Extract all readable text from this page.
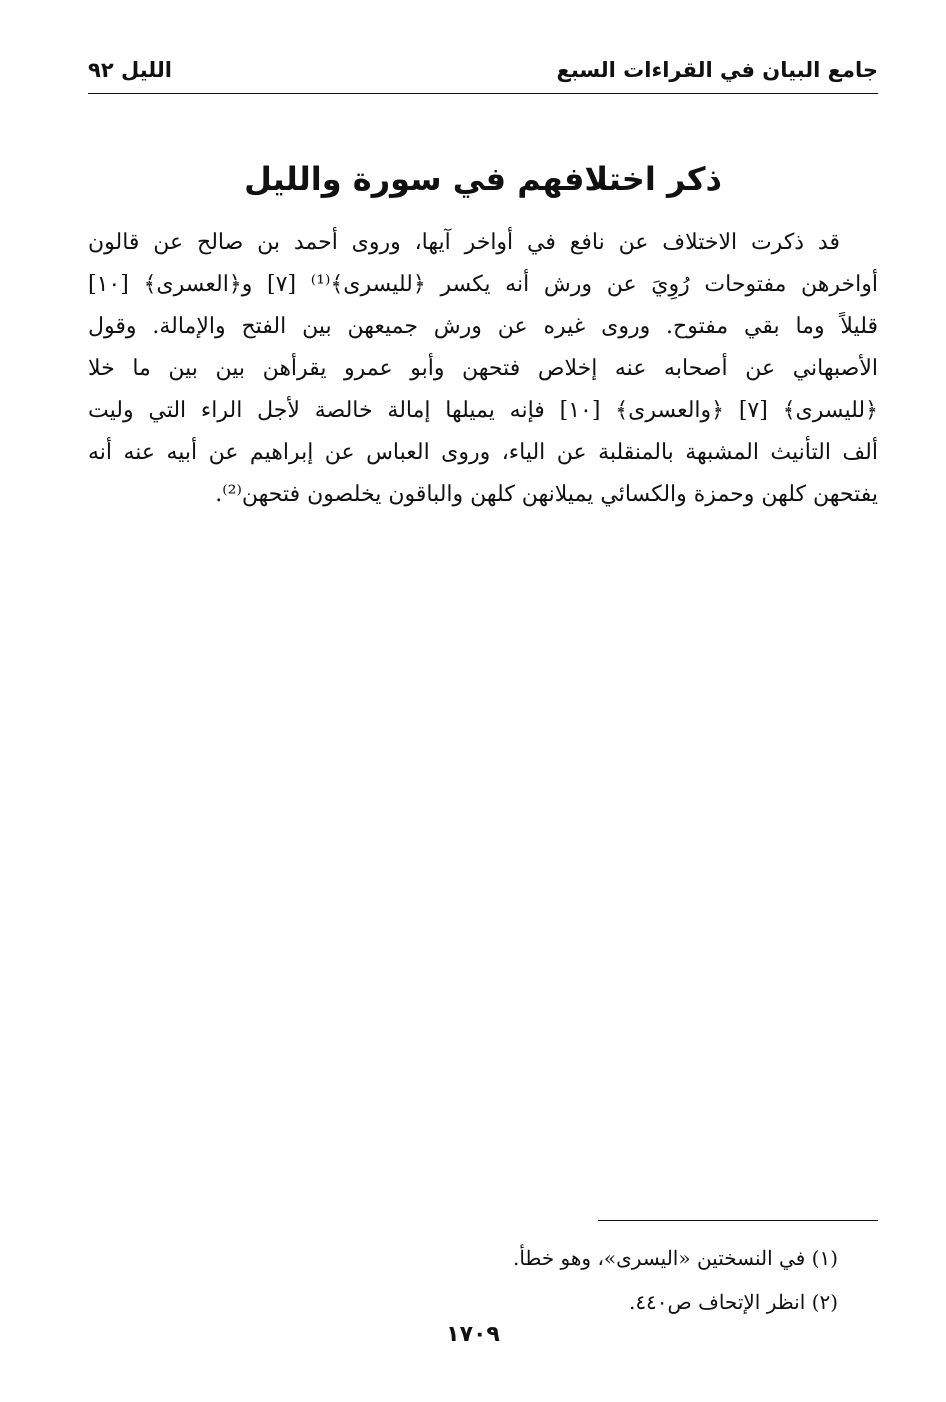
جامع البيان في القراءات السبع
الليل ٩٢
ذكر اختلافهم في سورة والليل
قد ذكرت الاختلاف عن نافع في أواخر آيها، وروى أحمد بن صالح عن قالون
أواخرهن مفتوحات رُوِيَ عن ورش أنه يكسر ﴿لليسرى﴾⁽¹⁾ [٧] و﴿العسرى﴾ [١٠]
قليلاً وما بقي مفتوح. وروى غيره عن ورش جميعهن بين الفتح والإمالة. وقول
الأصبهاني عن أصحابه عنه إخلاص فتحهن وأبو عمرو يقرأهن بين بين ما خلا
﴿لليسرى﴾ [٧] ﴿والعسرى﴾ [١٠] فإنه يميلها إمالة خالصة لأجل الراء التي وليت
ألف التأنيث المشبهة بالمنقلبة عن الياء، وروى العباس عن إبراهيم عن أبيه عنه أنه
يفتحهن كلهن وحمزة والكسائي يميلانهن كلهن والباقون يخلصون فتحهن⁽²⁾.
(١) في النسختين «اليسرى»، وهو خطأ.
(٢) انظر الإتحاف ص٤٤٠.
١٧٠٩
